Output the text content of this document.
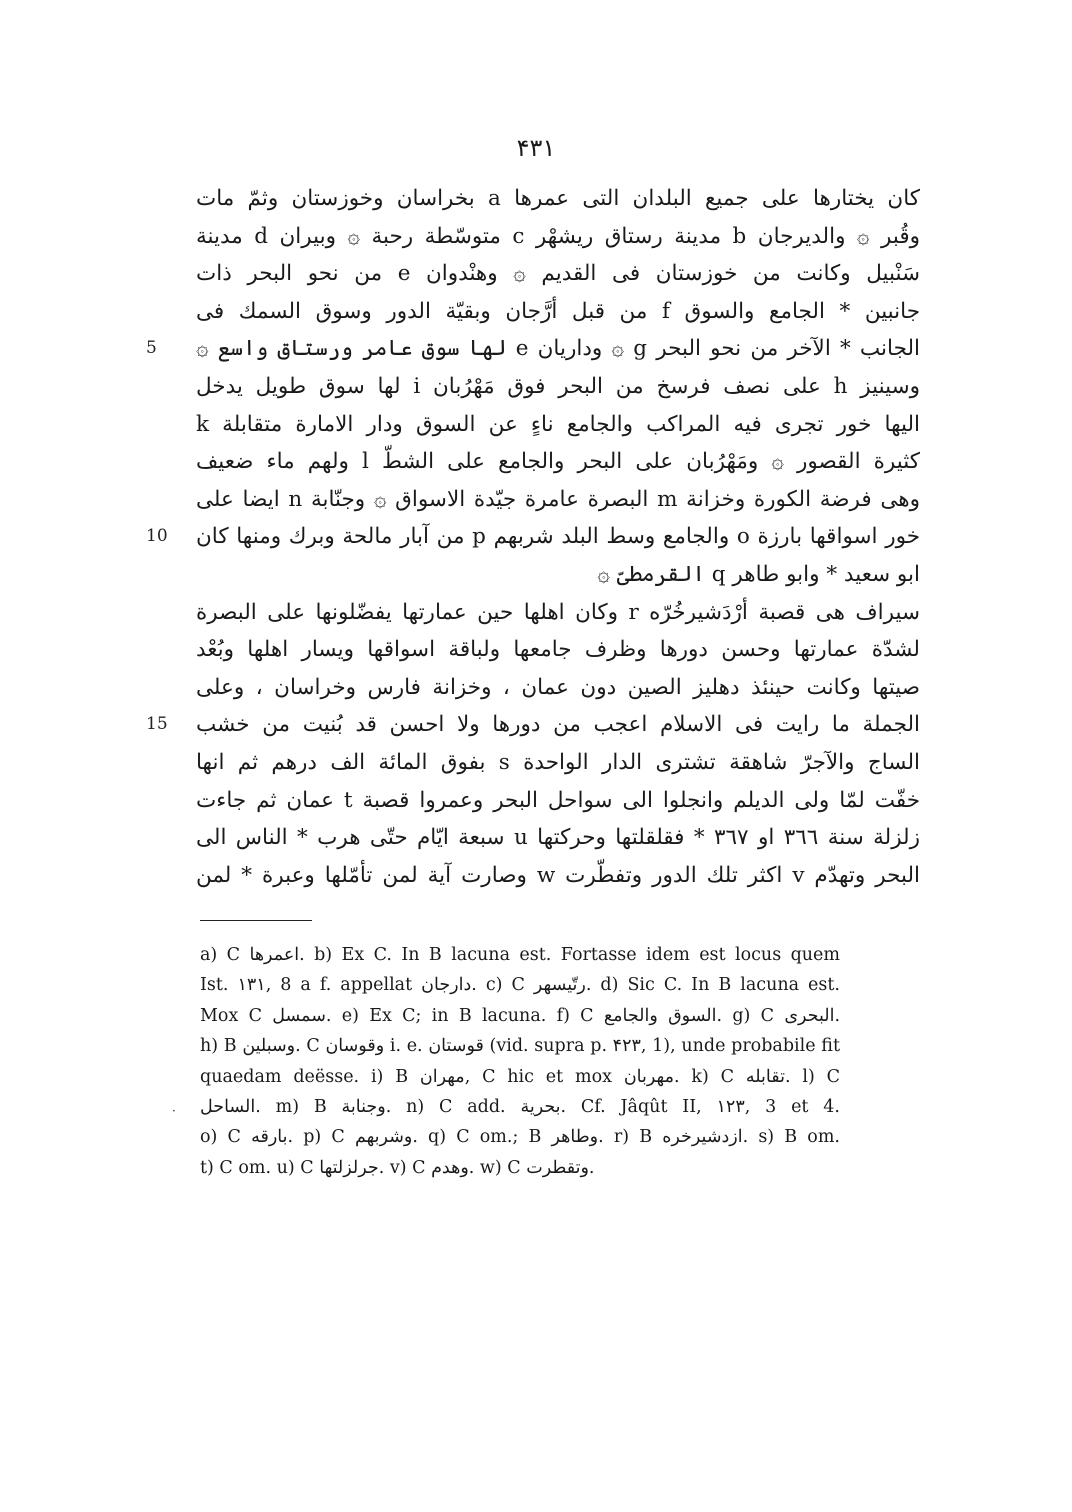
۴۳۱
كان يختارها على جميع البلدان التى عمرها a بخراسان وخوزستان وثمّ مات
وقُبر ۞ والديرجان b مدينة رستاق ريشهْر c متوسّطة رحبة ۞ وبيران d مدينة
سَنْبيل وكانت من خوزستان فى القديم ۞ وهنْدوان e من نحو البحر ذات
جانبين * الجامع والسوق f من قبل أرَّجان وبقيّة الدور وسوق السمك فى
الجانب * الآخر من نحو البحر g ۞ وداريان e لها سوق عامر ورستاق واسع ۞
5
وسينيز h على نصف فرسخ من البحر فوق مَهْرُبان i لها سوق طويل يدخل
اليها خور تجرى فيه المراكب والجامع ناءٍ عن السوق ودار الامارة متقابلة k
كثيرة القصور ۞ ومَهْرُبان على البحر والجامع على الشطّ l ولهم ماء ضعيف
وهى فرضة الكورة وخزانة m البصرة عامرة جيّدة الاسواق ۞ وجنّابة n ايضا على
خور اسواقها بارزة o والجامع وسط البلد شربهم p من آبار مالحة وبرك ومنها كان
10
ابو سعيد * وابو طاهر q القرمطىّ ۞
سيراف هى قصبة أرْدَشيرخُرّه r وكان اهلها حين عمارتها يفضّلونها على البصرة
لشدّة عمارتها وحسن دورها وظرف جامعها ولباقة اسواقها ويسار اهلها وبُعْد
صيتها وكانت حينئذ دهليز الصين دون عمان ، وخزانة فارس وخراسان ، وعلى
الجملة ما رايت فى الاسلام اعجب من دورها ولا احسن قد بُنيت من خشب
15
الساج والآجرّ شاهقة تشترى الدار الواحدة s بفوق المائة الف درهم ثم انها
خفّت لمّا ولى الديلم وانجلوا الى سواحل البحر وعمروا قصبة t عمان ثم جاءت
زلزلة سنة ٣٦٦ او ٣٦٧ * فقلقلتها وحركتها u سبعة ايّام حتّى هرب * الناس الى
البحر وتهدّم v اكثر تلك الدور وتفطّرت w وصارت آية لمن تأمّلها وعبرة * لمن
a) C اعمرها. b) Ex C. In B lacuna est. Fortasse idem est locus quem
Ist. ١٣١, 8 a f. appellat دارجان. c) C رتّيسهر. d) Sic C. In B lacuna est.
Mox C سمسل. e) Ex C; in B lacuna. f) C السوق والجامع. g) C البحرى.
h) B وسبلين. C وقوسان i. e. قوستان (vid. supra p. ۴۲۳, 1), unde probabile fit
quaedam deësse. i) B مهران, C hic et mox مهربان. k) C تقابله. l) C
الساحل. m) B وجنابة. n) C add. بحرية. Cf. Jâqût II, ١٢٣, 3 et 4.
o) C بارقه. p) C وشربهم. q) C om.; B وطاهر. r) B ازدشيرخره. s) B om.
t) C om. u) C جرلزلتها. v) C وهدم. w) C وتقطرت.
·
